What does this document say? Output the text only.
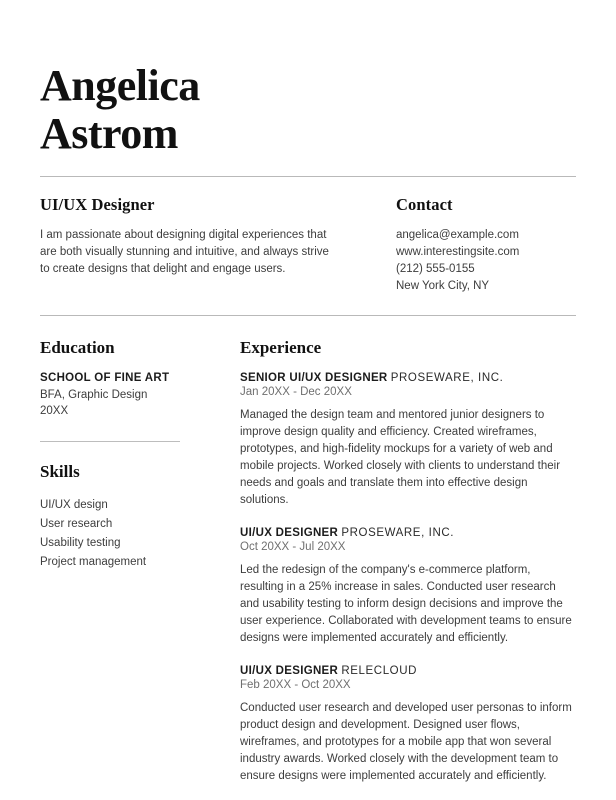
Angelica
Astrom
UI/UX Designer

I am passionate about designing digital experiences that are both visually stunning and intuitive, and always strive to create designs that delight and engage users.

Contact
angelica@example.com
www.interestingsite.com
(212) 555-0155
New York City, NY
Education

SCHOOL OF FINE ART

BFA, Graphic Design

20XX

Skills
UI/UX design
User research
Usability testing
Project management
Experience

SENIOR UI/UX DESIGNER PROSEWARE, INC.

Jan 20XX - Dec 20XX

Managed the design team and mentored junior designers to improve design quality and efficiency. Created wireframes, prototypes, and high-fidelity mockups for a variety of web and mobile projects. Worked closely with clients to understand their needs and goals and translate them into effective design solutions.

UI/UX DESIGNER PROSEWARE, INC.

Oct 20XX - Jul 20XX

Led the redesign of the company's e-commerce platform, resulting in a 25% increase in sales. Conducted user research and usability testing to inform design decisions and improve the user experience. Collaborated with development teams to ensure designs were implemented accurately and efficiently.

UI/UX DESIGNER RELECLOUD

Feb 20XX - Oct 20XX

Conducted user research and developed user personas to inform product design and development. Designed user flows, wireframes, and prototypes for a mobile app that won several industry awards. Worked closely with the development team to ensure designs were implemented accurately and efficiently.
